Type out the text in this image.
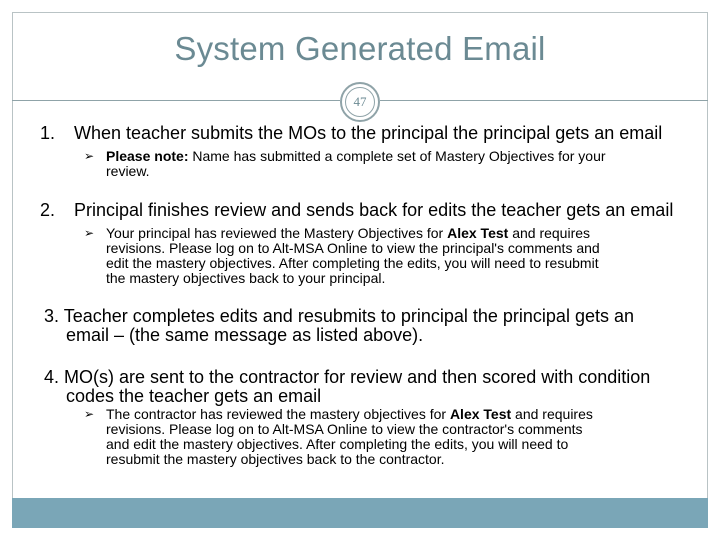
System Generated Email
47
1. When teacher submits the MOs to the principal the principal gets an email
➢ Please note: Name has submitted a complete set of Mastery Objectives for your
review.
2. Principal finishes review and sends back for edits the teacher gets an email
➢ Your principal has reviewed the Mastery Objectives for Alex Test and requires
revisions. Please log on to Alt-MSA Online to view the principal's comments and
edit the mastery objectives. After completing the edits, you will need to resubmit
the mastery objectives back to your principal.
3. Teacher completes edits and resubmits to principal the principal gets an
email – (the same message as listed above).
4. MO(s) are sent to the contractor for review and then scored with condition
codes the teacher gets an email
➢ The contractor has reviewed the mastery objectives for Alex Test and requires
revisions. Please log on to Alt-MSA Online to view the contractor's comments
and edit the mastery objectives. After completing the edits, you will need to
resubmit the mastery objectives back to the contractor.
